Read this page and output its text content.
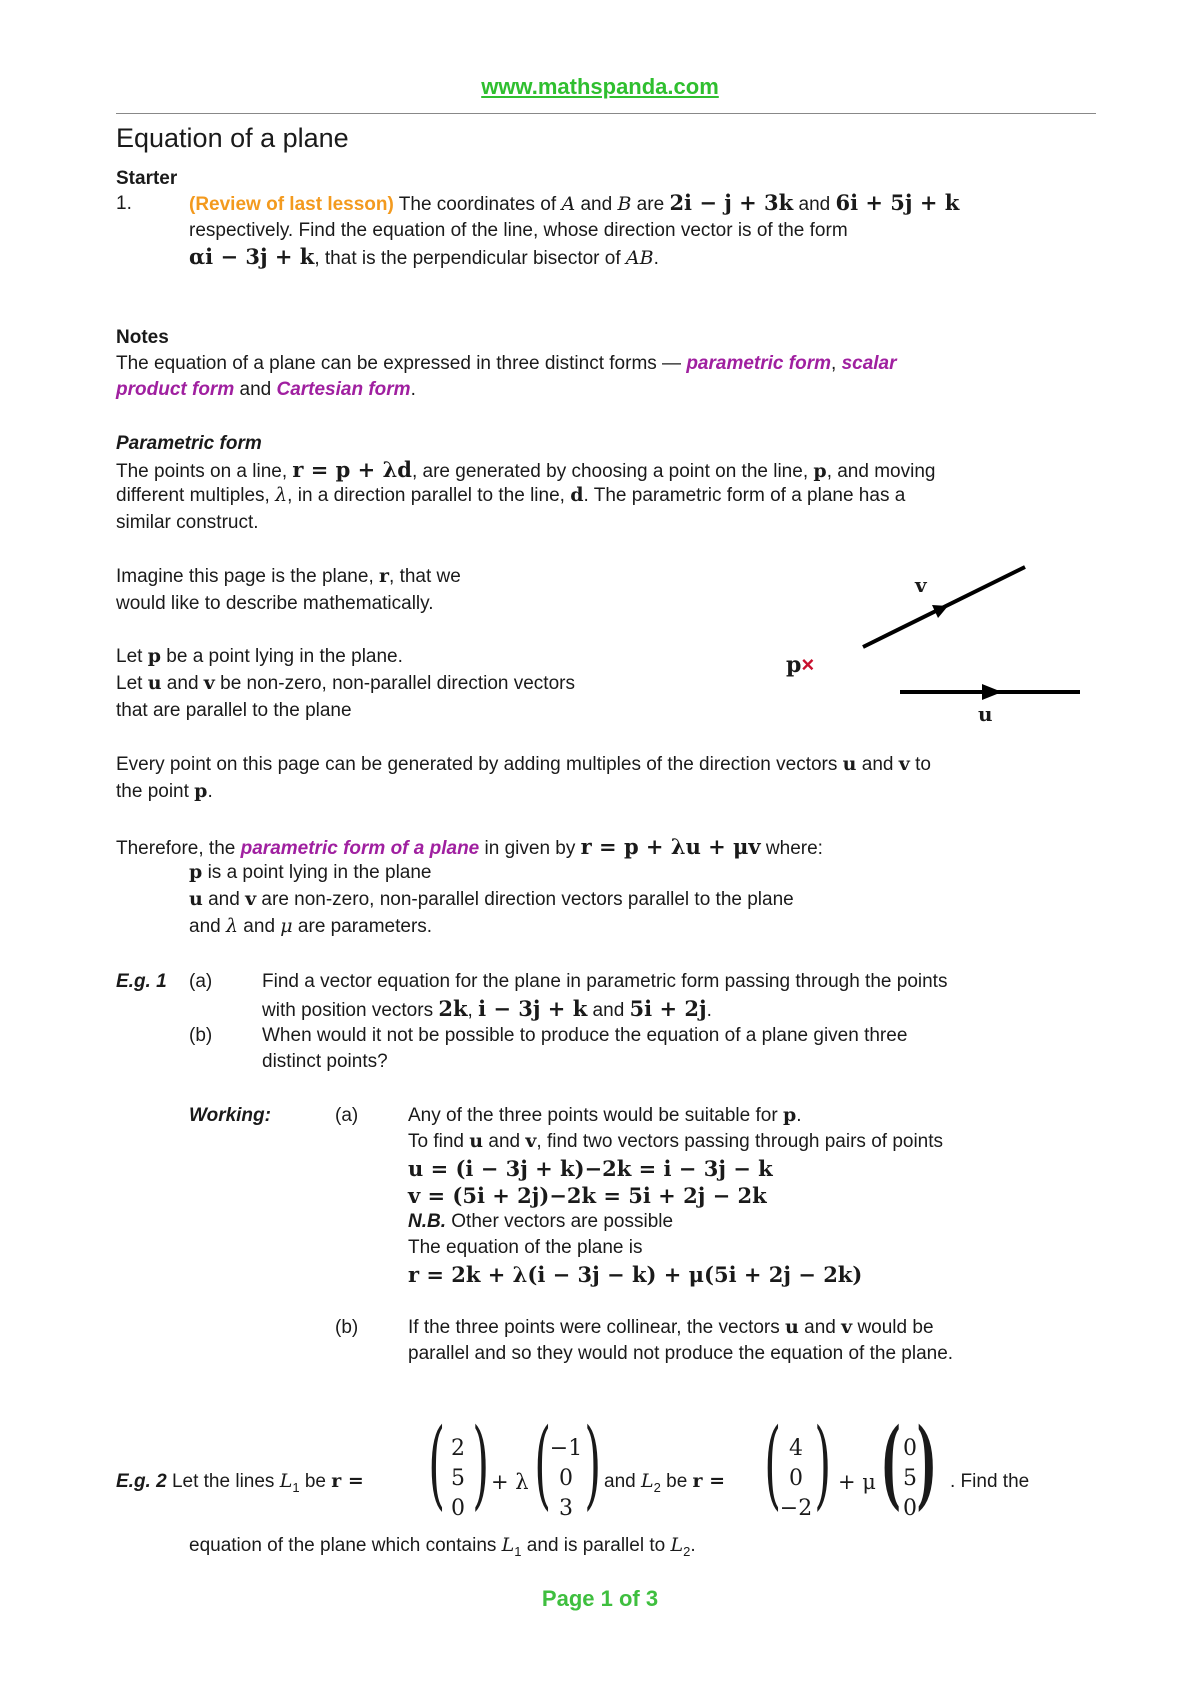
www.mathspanda.com
Equation of a plane
Starter
1.	(Review of last lesson) The coordinates of A and B are 2i − j + 3k and 6i + 5j + k
respectively. Find the equation of the line, whose direction vector is of the form
αi − 3j + k, that is the perpendicular bisector of AB.
Notes
The equation of a plane can be expressed in three distinct forms — parametric form, scalar
product form and Cartesian form.
Parametric form
The points on a line, r = p + λd, are generated by choosing a point on the line, p, and moving
different multiples, λ, in a direction parallel to the line, d. The parametric form of a plane has a
similar construct.
Imagine this page is the plane, r, that we
would like to describe mathematically.
Let p be a point lying in the plane.
Let u and v be non-zero, non-parallel direction vectors
that are parallel to the plane
v
p×
u
Every point on this page can be generated by adding multiples of the direction vectors u and v to
the point p.
Therefore, the parametric form of a plane in given by r = p + λu + μv where:
p is a point lying in the plane
u and v are non-zero, non-parallel direction vectors parallel to the plane
and λ and μ are parameters.
E.g. 1 (a)	Find a vector equation for the plane in parametric form passing through the points
with position vectors 2k, i − 3j + k and 5i + 2j.
(b)	When would it not be possible to produce the equation of a plane given three
distinct points?
Working:	(a)	Any of the three points would be suitable for p.
To find u and v, find two vectors passing through pairs of points
u = (i − 3j + k)−2k = i − 3j − k
v = (5i + 2j)−2k = 5i + 2j − 2k
N.B. Other vectors are possible
The equation of the plane is
r = 2k + λ(i − 3j − k) + μ(5i + 2j − 2k)
(b)	If the three points were collinear, the vectors u and v would be
parallel and so they would not produce the equation of the plane.
E.g. 2 Let the lines $L_1$ be r = ( 2
5
0 ) + λ (
−1
0
3 ) and $L_2$ be r = ( 4
0
−2 ) + μ ( 0
5
0 ) . Find the
equation of the plane which contains $L_1$ and is parallel to $L_2$.
Page 1 of 3
